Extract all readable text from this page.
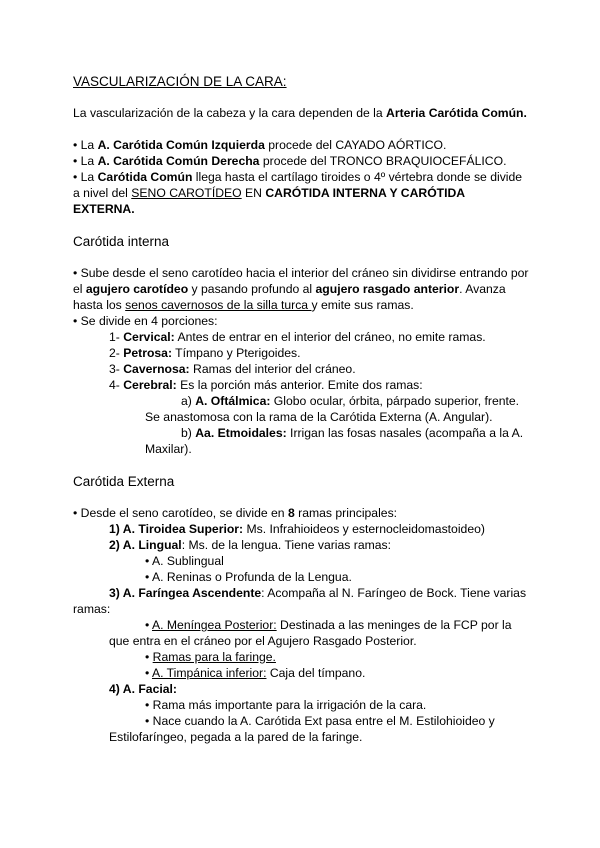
VASCULARIZACIÓN DE LA CARA:
La vascularización de la cabeza y la cara dependen de la Arteria Carótida Común.
• La A. Carótida Común Izquierda procede del CAYADO AÓRTICO.
• La A. Carótida Común Derecha procede del TRONCO BRAQUIOCEFÁLICO.
• La Carótida Común llega hasta el cartílago tiroides o 4º vértebra donde se divide
a nivel del SENO CAROTÍDEO EN CARÓTIDA INTERNA Y CARÓTIDA
EXTERNA.
Carótida interna
• Sube desde el seno carotídeo hacia el interior del cráneo sin dividirse entrando por
el agujero carotídeo y pasando profundo al agujero rasgado anterior. Avanza
hasta los senos cavernosos de la silla turca y emite sus ramas.
• Se divide en 4 porciones:
1- Cervical: Antes de entrar en el interior del cráneo, no emite ramas.
2- Petrosa: Tímpano y Pterigoides.
3- Cavernosa: Ramas del interior del cráneo.
4- Cerebral: Es la porción más anterior. Emite dos ramas:
a) A. Oftálmica: Globo ocular, órbita, párpado superior, frente.
Se anastomosa con la rama de la Carótida Externa (A. Angular).
b) Aa. Etmoidales: Irrigan las fosas nasales (acompaña a la A.
Maxilar).
Carótida Externa
• Desde el seno carotídeo, se divide en 8 ramas principales:
1) A. Tiroidea Superior: Ms. Infrahioideos y esternocleidomastoideo)
2) A. Lingual: Ms. de la lengua. Tiene varias ramas:
• A. Sublingual
• A. Reninas o Profunda de la Lengua.
3) A. Faríngea Ascendente: Acompaña al N. Faríngeo de Bock. Tiene varias
ramas:
• A. Meníngea Posterior: Destinada a las meninges de la FCP por la
que entra en el cráneo por el Agujero Rasgado Posterior.
• Ramas para la faringe.
• A. Timpánica inferior: Caja del tímpano.
4) A. Facial:
• Rama más importante para la irrigación de la cara.
• Nace cuando la A. Carótida Ext pasa entre el M. Estilohioideo y
Estilofaríngeo, pegada a la pared de la faringe.
